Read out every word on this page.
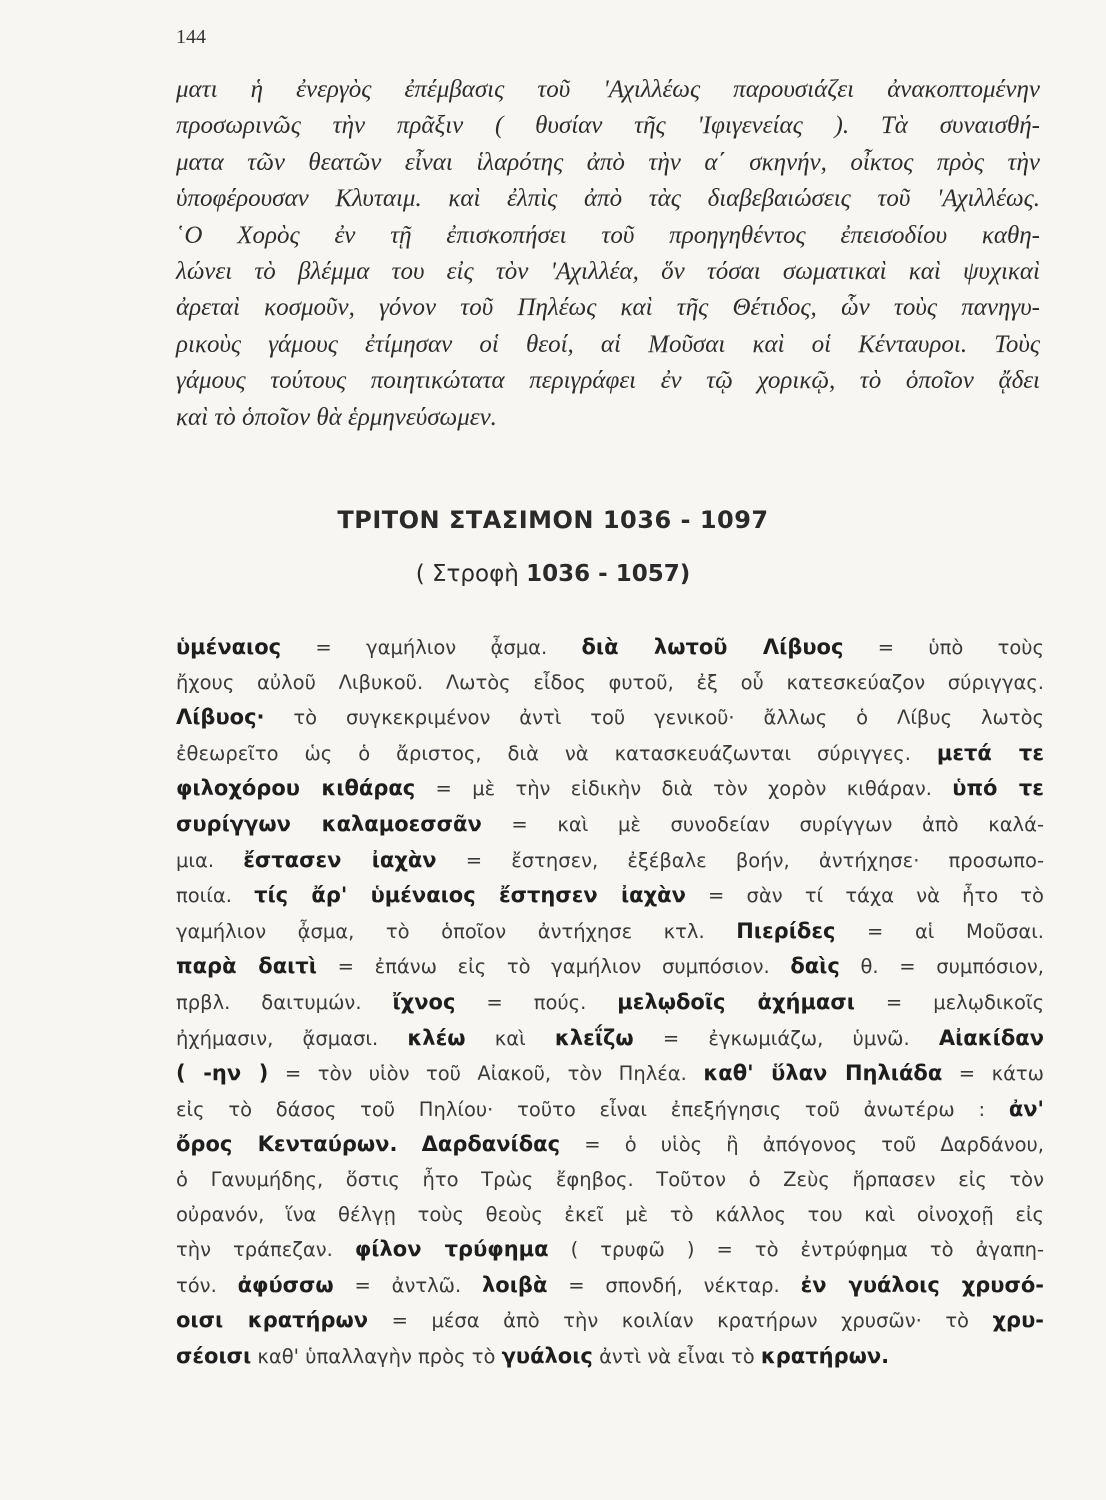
144
ματι ἡ ἐνεργὸς ἐπέμβασις τοῦ 'Αχιλλέως παρουσιάζει ἀνακοπτομένην
προσωρινῶς τὴν πρᾶξιν ( θυσίαν τῆς 'Ιφιγενείας ). Τὰ συναισθή-
ματα τῶν θεατῶν εἶναι ἱλαρότης ἀπὸ τὴν α΄ σκηνήν, οἶκτος πρὸς τὴν
ὑποφέρουσαν Κλυταιμ. καὶ ἐλπὶς ἀπὸ τὰς διαβεβαιώσεις τοῦ 'Αχιλλέως.
῾Ο Χορὸς ἐν τῇ ἐπισκοπήσει τοῦ προηγηθέντος ἐπεισοδίου καθη-
λώνει τὸ βλέμμα του εἰς τὸν 'Αχιλλέα, ὅν τόσαι σωματικαὶ καὶ ψυχικαὶ
ἀρεταὶ κοσμοῦν, γόνον τοῦ Πηλέως καὶ τῆς Θέτιδος, ὧν τοὺς πανηγυ-
ρικοὺς γάμους ἐτίμησαν οἱ θεοί, αἱ Μοῦσαι καὶ οἱ Κένταυροι. Τοὺς
γάμους τούτους ποιητικώτατα περιγράφει ἐν τῷ χορικῷ, τὸ ὁποῖον ᾄδει
καὶ τὸ ὁποῖον θὰ ἑρμηνεύσωμεν.
ΤΡΙΤΟΝ ΣΤΑΣΙΜΟΝ 1036 - 1097
( Στροφὴ 1036 - 1057)
ὑμέναιος = γαμήλιον ᾆσμα. διὰ λωτοῦ Λίβυος = ὑπὸ τοὺς
ἤχους αὐλοῦ Λιβυκοῦ. Λωτὸς εἶδος φυτοῦ, ἐξ οὗ κατεσκεύαζον σύριγγας.
Λίβυος· τὸ συγκεκριμένον ἀντὶ τοῦ γενικοῦ· ἄλλως ὁ Λίβυς λωτὸς
ἐθεωρεῖτο ὡς ὁ ἄριστος, διὰ νὰ κατασκευάζωνται σύριγγες. μετά τε
φιλοχόρου κιθάρας = μὲ τὴν εἰδικὴν διὰ τὸν χορὸν κιθάραν. ὑπό τε
συρίγγων καλαμοεσσᾶν = καὶ μὲ συνοδείαν συρίγγων ἀπὸ καλά-
μια. ἔστασεν ἰαχὰν = ἔστησεν, ἐξέβαλε βοήν, ἀντήχησε· προσωπο-
ποιία. τίς ἄρ' ὑμέναιος ἔστησεν ἰαχὰν = σὰν τί τάχα νὰ ἦτο τὸ
γαμήλιον ᾆσμα, τὸ ὁποῖον ἀντήχησε κτλ. Πιερίδες = αἱ Μοῦσαι.
παρὰ δαιτὶ = ἐπάνω εἰς τὸ γαμήλιον συμπόσιον. δαὶς θ. = συμπόσιον,
πρβλ. δαιτυμών. ἴχνος = πούς. μελῳδοῖς ἀχήμασι = μελῳδικοῖς
ἠχήμασιν, ᾄσμασι. κλέω καὶ κλεΐζω = ἐγκωμιάζω, ὑμνῶ. Αἰακίδαν
( -ην ) = τὸν υἱὸν τοῦ Αἰακοῦ, τὸν Πηλέα. καθ' ὕλαν Πηλιάδα = κάτω
εἰς τὸ δάσος τοῦ Πηλίου· τοῦτο εἶναι ἐπεξήγησις τοῦ ἀνωτέρω : ἀν'
ὄρος Κενταύρων. Δαρδανίδας = ὁ υἱὸς ἢ ἀπόγονος τοῦ Δαρδάνου,
ὁ Γανυμήδης, ὅστις ἦτο Τρὼς ἔφηβος. Τοῦτον ὁ Ζεὺς ἥρπασεν εἰς τὸν
οὐρανόν, ἵνα θέλγῃ τοὺς θεοὺς ἐκεῖ μὲ τὸ κάλλος του καὶ οἰνοχοῇ εἰς
τὴν τράπεζαν. φίλον τρύφημα ( τρυφῶ ) = τὸ ἐντρύφημα τὸ ἀγαπη-
τόν. ἀφύσσω = ἀντλῶ. λοιβὰ = σπονδή, νέκταρ. ἐν γυάλοις χρυσό-
οισι κρατήρων = μέσα ἀπὸ τὴν κοιλίαν κρατήρων χρυσῶν· τὸ χρυ-
σέοισι καθ' ὑπαλλαγὴν πρὸς τὸ γυάλοις ἀντὶ νὰ εἶναι τὸ κρατήρων.
